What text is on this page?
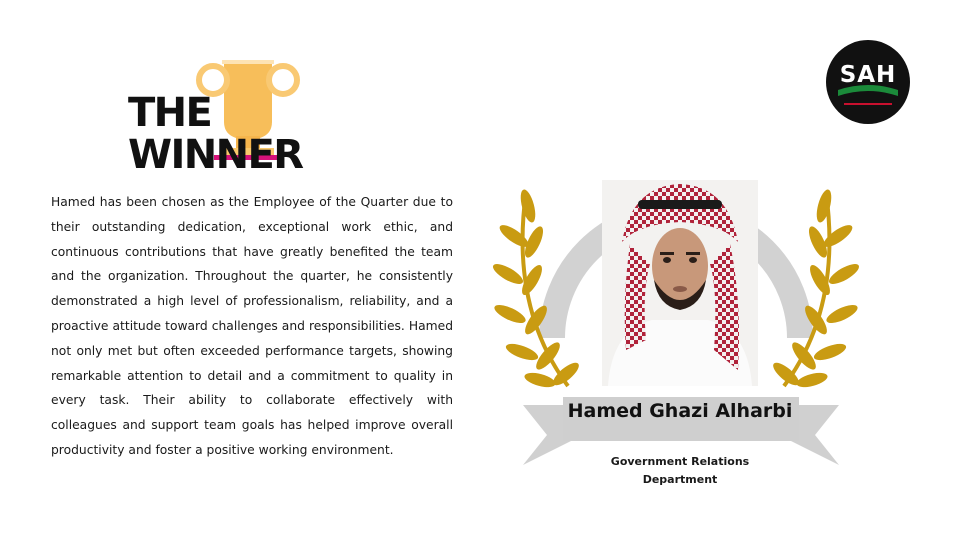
THE WINNER

Hamed has been chosen as the Employee of the Quarter due to their outstanding dedication, exceptional work ethic, and continuous contributions that have greatly benefited the team and the organization. Throughout the quarter, he consistently demonstrated a high level of professionalism, reliability, and a proactive attitude toward challenges and responsibilities. Hamed not only met but often exceeded performance targets, showing remarkable attention to detail and a commitment to quality in every task. Their ability to collaborate effectively with colleagues and support team goals has helped improve overall productivity and foster a positive working environment.

SAH
Hamed Ghazi Alharbi

Government Relations
Department
